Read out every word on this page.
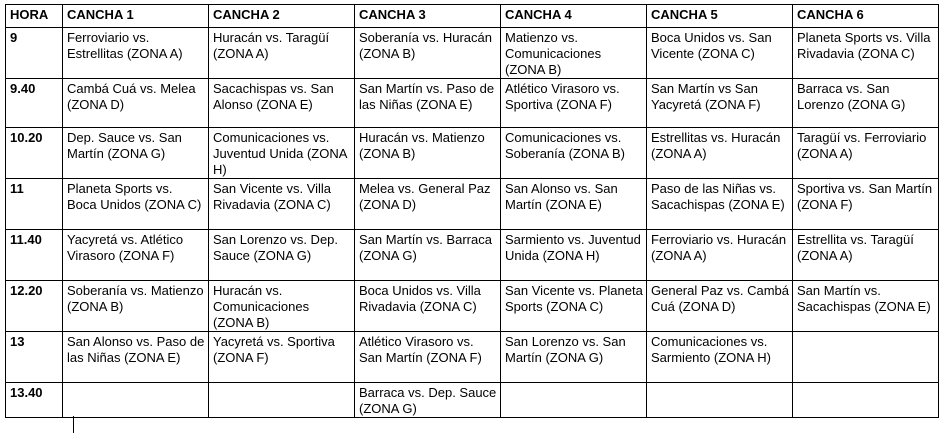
HORA	CANCHA 1	CANCHA 2	CANCHA 3	CANCHA 4	CANCHA 5	CANCHA 6
9	Ferroviario vs. Estrellitas (ZONA A)	Huracán vs. Taragüí (ZONA A)	Soberanía vs. Huracán (ZONA B)	Matienzo vs. Comunicaciones (ZONA B)	Boca Unidos vs. San Vicente (ZONA C)	Planeta Sports vs. Villa Rivadavia (ZONA C)
9.40	Cambá Cuá vs. Melea (ZONA D)	Sacachispas vs. San Alonso (ZONA E)	San Martín vs. Paso de las Niñas (ZONA E)	Atlético Virasoro vs. Sportiva (ZONA F)	San Martín vs San Yacyretá (ZONA F)	Barraca vs. San Lorenzo (ZONA G)
10.20	Dep. Sauce vs. San Martín (ZONA G)	Comunicaciones vs. Juventud Unida (ZONA H)	Huracán vs. Matienzo (ZONA B)	Comunicaciones vs. Soberanía (ZONA B)	Estrellitas vs. Huracán (ZONA A)	Taragüí vs. Ferroviario (ZONA A)
11	Planeta Sports vs. Boca Unidos (ZONA C)	San Vicente vs. Villa Rivadavia (ZONA C)	Melea vs. General Paz (ZONA D)	San Alonso vs. San Martín (ZONA E)	Paso de las Niñas vs. Sacachispas (ZONA E)	Sportiva vs. San Martín (ZONA F)
11.40	Yacyretá vs. Atlético Virasoro (ZONA F)	San Lorenzo vs. Dep. Sauce (ZONA G)	San Martín vs. Barraca (ZONA G)	Sarmiento vs. Juventud Unida (ZONA H)	Ferroviario vs. Huracán (ZONA A)	Estrellita vs. Taragüí (ZONA A)
12.20	Soberanía vs. Matienzo (ZONA B)	Huracán vs. Comunicaciones (ZONA B)	Boca Unidos vs. Villa Rivadavia (ZONA C)	San Vicente vs. Planeta Sports (ZONA C)	General Paz vs. Cambá Cuá (ZONA D)	San Martín vs. Sacachispas (ZONA E)
13	San Alonso vs. Paso de las Niñas (ZONA E)	Yacyretá vs. Sportiva (ZONA F)	Atlético Virasoro vs. San Martín (ZONA F)	San Lorenzo vs. San Martín (ZONA G)	Comunicaciones vs. Sarmiento (ZONA H)	
13.40			Barraca vs. Dep. Sauce (ZONA G)			
